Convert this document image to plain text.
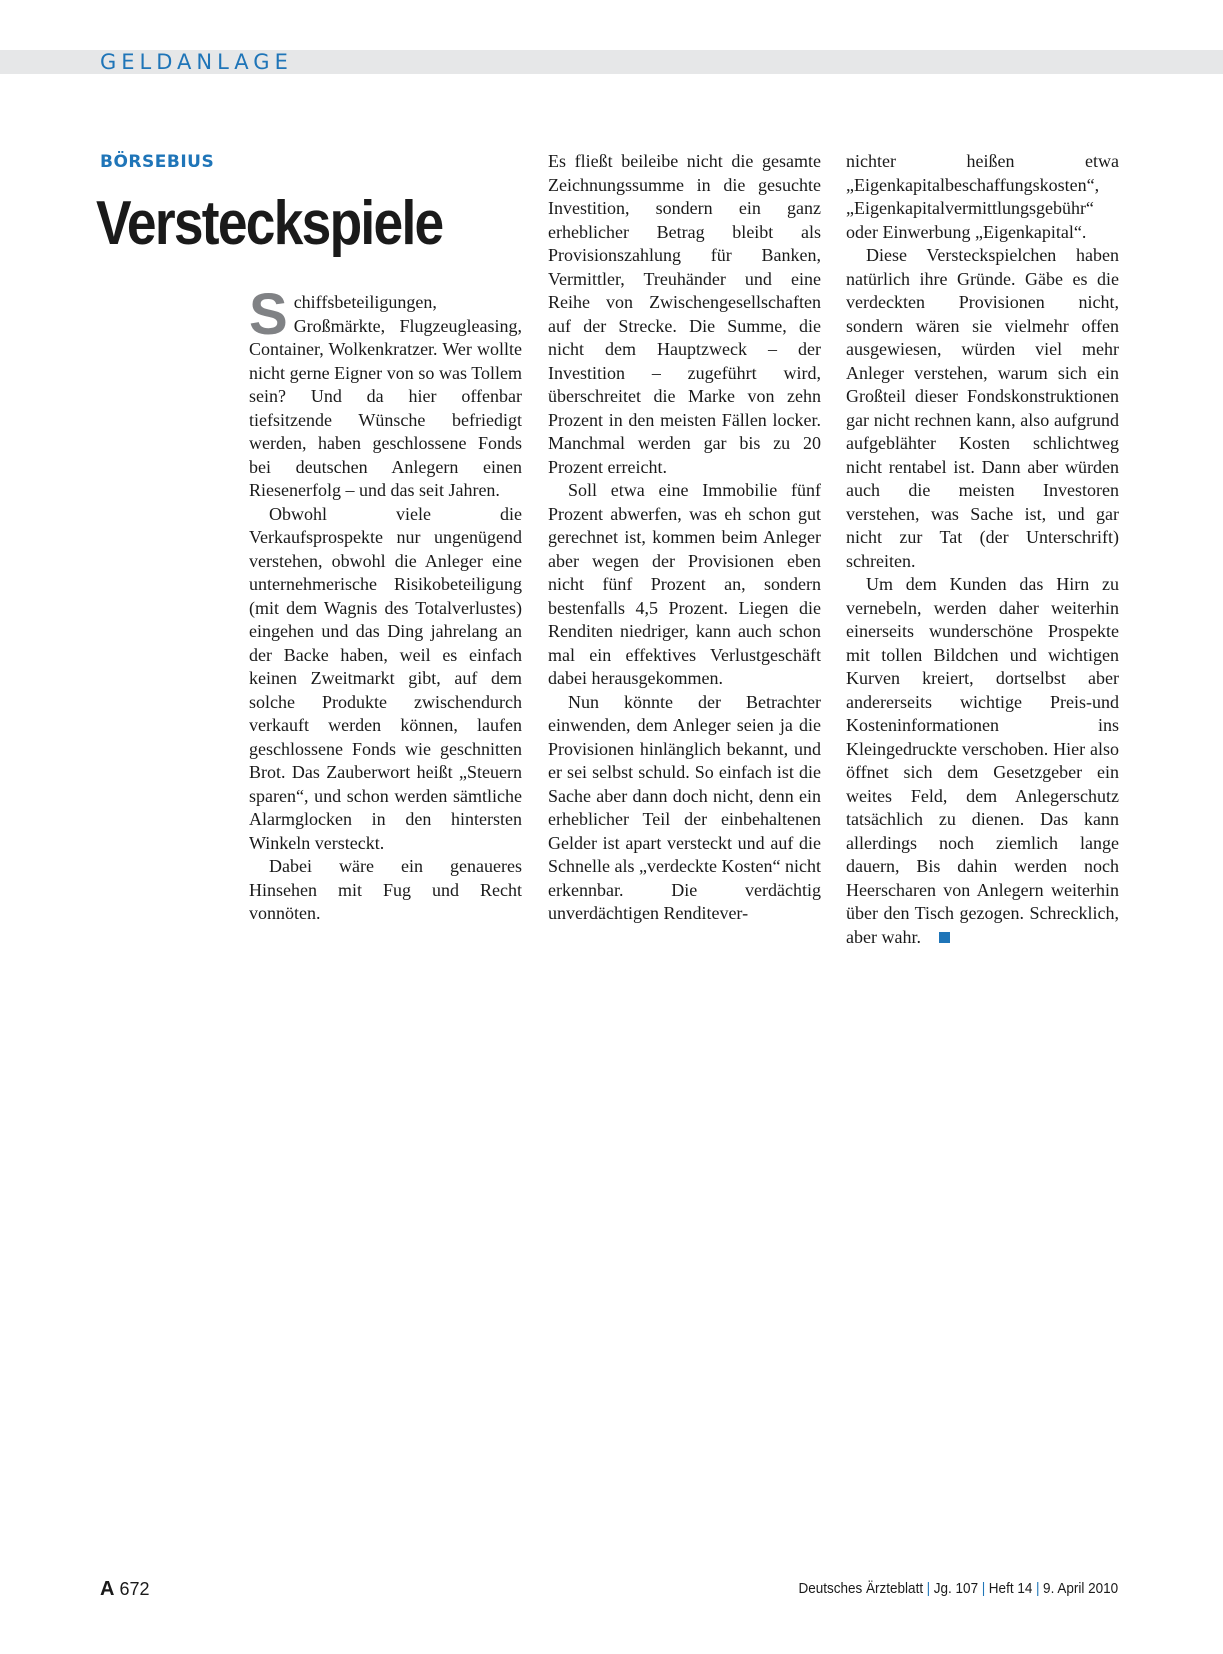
GELDANLAGE
BÖRSEBIUS
Versteckspiele

Schiffsbeteiligungen, Großmärkte, Flugzeugleasing, Container, Wolkenkratzer. Wer wollte nicht gerne Eigner von so was Tollem sein? Und da hier offenbar tiefsitzende Wünsche befriedigt werden, haben geschlossene Fonds bei deutschen Anlegern einen Riesenerfolg – und das seit Jahren.

Obwohl viele die Verkaufsprospekte nur ungenügend verstehen, obwohl die Anleger eine unternehmerische Risikobeteiligung (mit dem Wagnis des Totalverlustes) eingehen und das Ding jahrelang an der Backe haben, weil es einfach keinen Zweitmarkt gibt, auf dem solche Produkte zwischendurch verkauft werden können, laufen geschlossene Fonds wie geschnitten Brot. Das Zauberwort heißt „Steuern sparen“, und schon werden sämtliche Alarmglocken in den hintersten Winkeln versteckt.

Dabei wäre ein genaueres Hinsehen mit Fug und Recht vonnöten.

Es fließt beileibe nicht die gesamte Zeichnungssumme in die gesuchte Investition, sondern ein ganz erheblicher Betrag bleibt als Provisionszahlung für Banken, Vermittler, Treuhänder und eine Reihe von Zwischengesellschaften auf der Strecke. Die Summe, die nicht dem Hauptzweck – der Investition – zugeführt wird, überschreitet die Marke von zehn Prozent in den meisten Fällen locker. Manchmal werden gar bis zu 20 Prozent erreicht.

Soll etwa eine Immobilie fünf Prozent abwerfen, was eh schon gut gerechnet ist, kommen beim Anleger aber wegen der Provisionen eben nicht fünf Prozent an, sondern bestenfalls 4,5 Prozent. Liegen die Renditen niedriger, kann auch schon mal ein effektives Verlustgeschäft dabei herausgekommen.

Nun könnte der Betrachter einwenden, dem Anleger seien ja die Provisionen hinlänglich bekannt, und er sei selbst schuld. So einfach ist die Sache aber dann doch nicht, denn ein erheblicher Teil der einbehaltenen Gelder ist apart versteckt und auf die Schnelle als „verdeckte Kosten“ nicht erkennbar. Die verdächtig unverdächtigen Renditever-

nichter heißen etwa „Eigenkapitalbeschaffungskosten“, „Eigenkapitalvermittlungsgebühr“ oder Einwerbung „Eigenkapital“.

Diese Versteckspielchen haben natürlich ihre Gründe. Gäbe es die verdeckten Provisionen nicht, sondern wären sie vielmehr offen ausgewiesen, würden viel mehr Anleger verstehen, warum sich ein Großteil dieser Fondskonstruktionen gar nicht rechnen kann, also aufgrund aufgeblähter Kosten schlichtweg nicht rentabel ist. Dann aber würden auch die meisten Investoren verstehen, was Sache ist, und gar nicht zur Tat (der Unterschrift) schreiten.

Um dem Kunden das Hirn zu vernebeln, werden daher weiterhin einerseits wunderschöne Prospekte mit tollen Bildchen und wichtigen Kurven kreiert, dortselbst aber andererseits wichtige Preis-und Kosteninformationen ins Kleingedruckte verschoben. Hier also öffnet sich dem Gesetzgeber ein weites Feld, dem Anlegerschutz tatsächlich zu dienen. Das kann allerdings noch ziemlich lange dauern, Bis dahin werden noch Heerscharen von Anlegern weiterhin über den Tisch gezogen. Schrecklich, aber wahr.

A 672	Deutsches Ärzteblatt | Jg. 107 | Heft 14 | 9. April 2010
